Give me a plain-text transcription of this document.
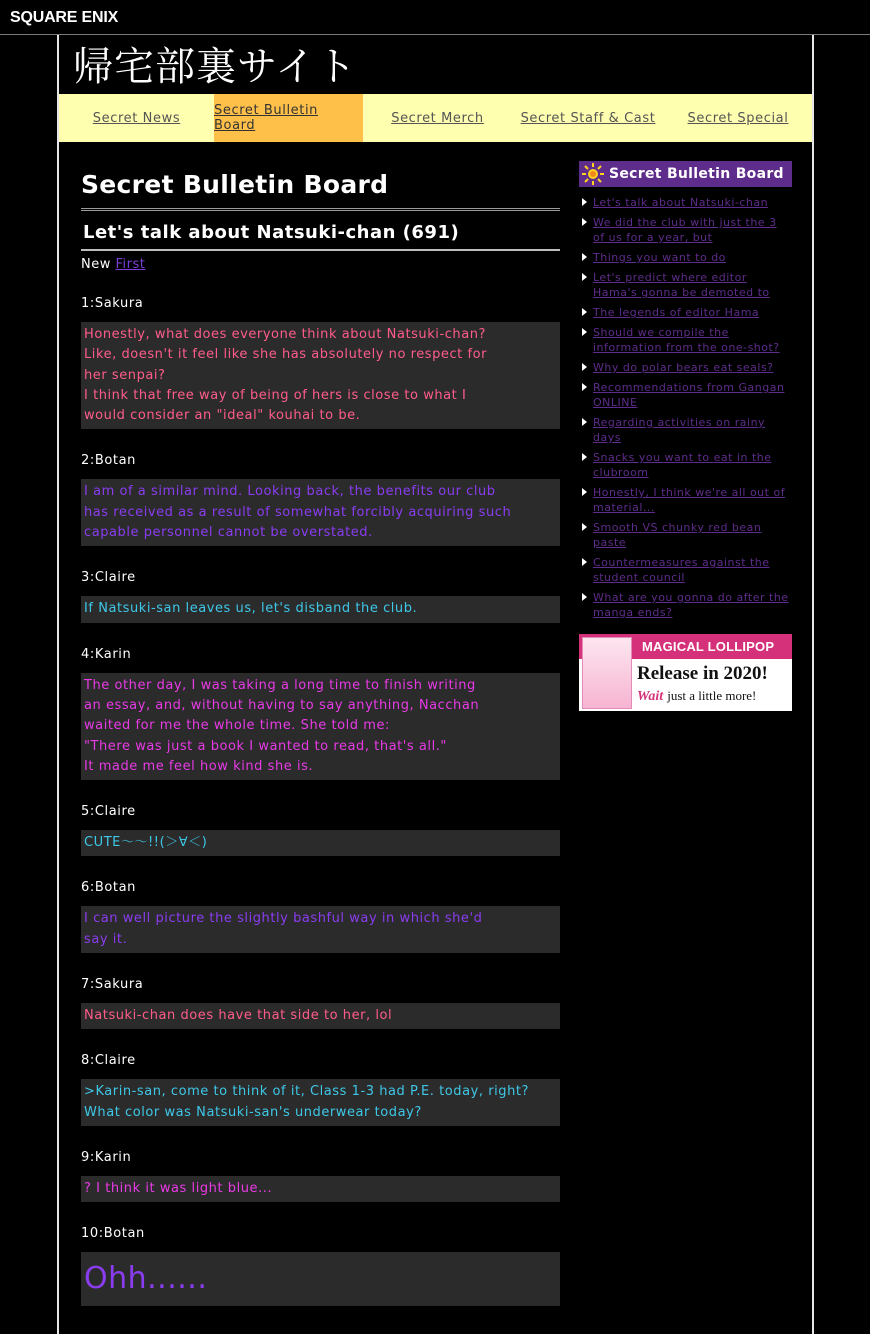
SQUARE ENIX
帰宅部裏サイト
Secret News	Secret Bulletin Board	Secret Merch	Secret Staff & Cast	Secret Special
Secret Bulletin Board
Let's talk about Natsuki-chan (691)
New First
1:Sakura
Honestly, what does everyone think about Natsuki-chan?
Like, doesn't it feel like she has absolutely no respect for
her senpai?
I think that free way of being of hers is close to what I
would consider an "ideal" kouhai to be.
2:Botan
I am of a similar mind. Looking back, the benefits our club
has received as a result of somewhat forcibly acquiring such
capable personnel cannot be overstated.
3:Claire
If Natsuki-san leaves us, let's disband the club.
4:Karin
The other day, I was taking a long time to finish writing
an essay, and, without having to say anything, Nacchan
waited for me the whole time. She told me:
"There was just a book I wanted to read, that's all."
It made me feel how kind she is.
5:Claire
CUTE～～!!(＞∀＜)
6:Botan
I can well picture the slightly bashful way in which she'd
say it.
7:Sakura
Natsuki-chan does have that side to her, lol
8:Claire
>Karin-san, come to think of it, Class 1-3 had P.E. today, right?
What color was Natsuki-san's underwear today?
9:Karin
? I think it was light blue...
10:Botan
Ohh......
Secret Bulletin Board
Let's talk about Natsuki-chan
We did the club with just the 3 of us for a year, but
Things you want to do
Let's predict where editor Hama's gonna be demoted to
The legends of editor Hama
Should we compile the information from the one-shot?
Why do polar bears eat seals?
Recommendations from Gangan ONLINE
Regarding activities on rainy days
Snacks you want to eat in the clubroom
Honestly, I think we're all out of material...
Smooth VS chunky red bean paste
Countermeasures against the student council
What are you gonna do after the manga ends?
MAGICAL LOLLIPOP
Release in 2020!
Wait just a little more!
